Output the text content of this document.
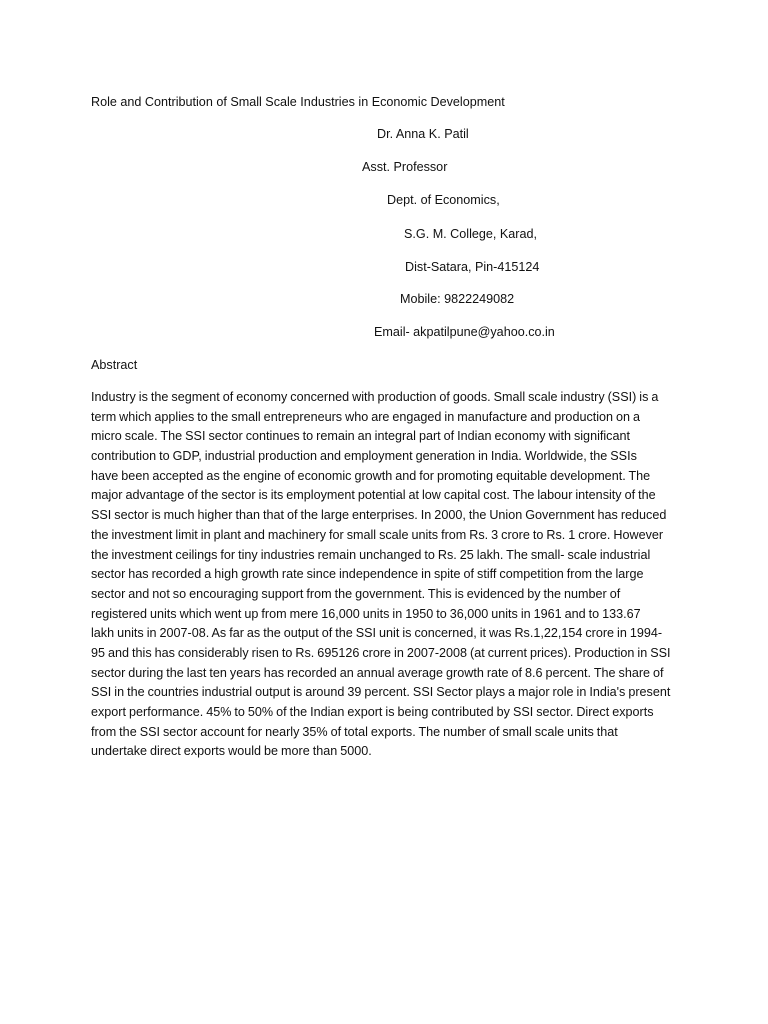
Role and Contribution of Small Scale Industries in Economic Development
Dr. Anna K. Patil
Asst. Professor
Dept. of Economics,
S.G. M. College, Karad,
Dist-Satara, Pin-415124
Mobile: 9822249082
Email- akpatilpune@yahoo.co.in
Abstract
Industry is the segment of economy concerned with production of goods. Small scale industry (SSI) is a
term which applies to the small entrepreneurs who are engaged in manufacture and production on a
micro scale. The SSI sector continues to remain an integral part of Indian economy with significant
contribution to GDP, industrial production and employment generation in India. Worldwide, the SSIs
have been accepted as the engine of economic growth and for promoting equitable development. The
major advantage of the sector is its employment potential at low capital cost. The labour intensity of the
SSI sector is much higher than that of the large enterprises. In 2000, the Union Government has reduced
the investment limit in plant and machinery for small scale units from Rs. 3 crore to Rs. 1 crore. However
the investment ceilings for tiny industries remain unchanged to Rs. 25 lakh. The small- scale industrial
sector has recorded a high growth rate since independence in spite of stiff competition from the large
sector and not so encouraging support from the government. This is evidenced by the number of
registered units which went up from mere 16,000 units in 1950 to 36,000 units in 1961 and to 133.67
lakh units in 2007-08. As far as the output of the SSI unit is concerned, it was Rs.1,22,154 crore in 1994-
95 and this has considerably risen to Rs. 695126 crore in 2007-2008 (at current prices). Production in SSI
sector during the last ten years has recorded an annual average growth rate of 8.6 percent. The share of
SSI in the countries industrial output is around 39 percent. SSI Sector plays a major role in India's present
export performance. 45% to 50% of the Indian export is being contributed by SSI sector. Direct exports
from the SSI sector account for nearly 35% of total exports. The number of small scale units that
undertake direct exports would be more than 5000.
